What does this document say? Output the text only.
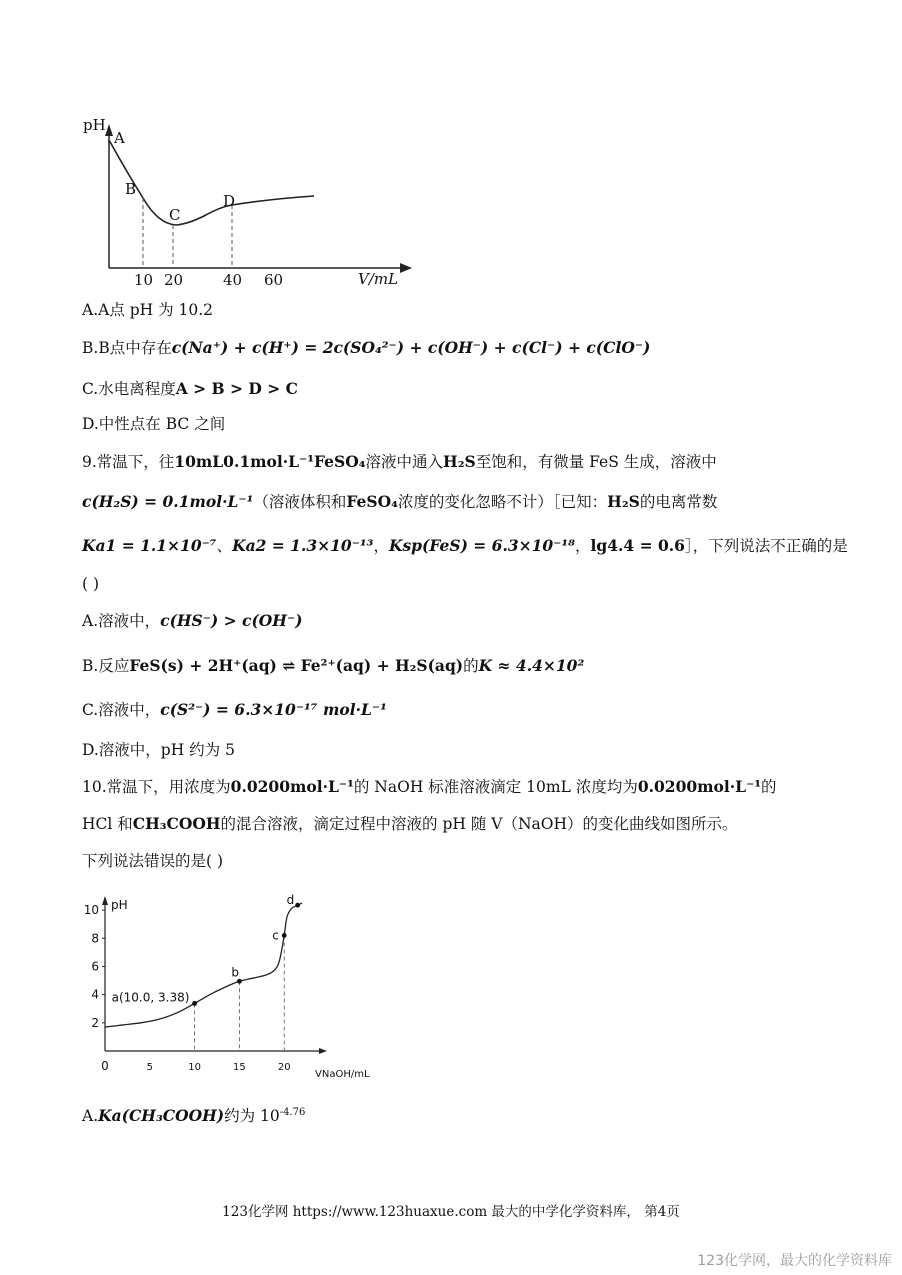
pH
V/mL
A
B
C
D
10 20	40 60
A.A点 pH 为 10.2
B.B点中存在c(Na⁺) + c(H⁺) = 2c(SO₄²⁻) + c(OH⁻) + c(Cl⁻) + c(ClO⁻)
C.水电离程度A > B > D > C
D.中性点在 BC 之间
9.常温下，往10mL0.1mol·L⁻¹FeSO₄溶液中通入H₂S至饱和，有微量 FeS 生成，溶液中
c(H₂S) = 0.1mol·L⁻¹（溶液体积和FeSO₄浓度的变化忽略不计）［已知：H₂S的电离常数
Ka1 = 1.1×10⁻⁷、Ka2 = 1.3×10⁻¹³，Ksp(FeS) = 6.3×10⁻¹⁸，lg4.4 = 0.6］，下列说法不正确的是
( )
A.溶液中，c(HS⁻) > c(OH⁻)
B.反应FeS(s) + 2H⁺(aq) ⇌ Fe²⁺(aq) + H₂S(aq)的K ≈ 4.4×10²
C.溶液中，c(S²⁻) = 6.3×10⁻¹⁷ mol·L⁻¹
D.溶液中，pH 约为 5
10.常温下，用浓度为0.0200mol·L⁻¹的 NaOH 标准溶液滴定 10mL 浓度均为0.0200mol·L⁻¹的
HCl 和CH₃COOH的混合溶液，滴定过程中溶液的 pH 随 V（NaOH）的变化曲线如图所示。
下列说法错误的是( )
pH
VNaOH/mL
2
4
6
8
10
0	5	10	15	20
a(10.0, 3.38)
b
c
d
A.Ka(CH₃COOH)约为 $10^{-4.76}$
123化学网 https://www.123huaxue.com 最大的中学化学资料库， 第4页
123化学网，最大的化学资料库
